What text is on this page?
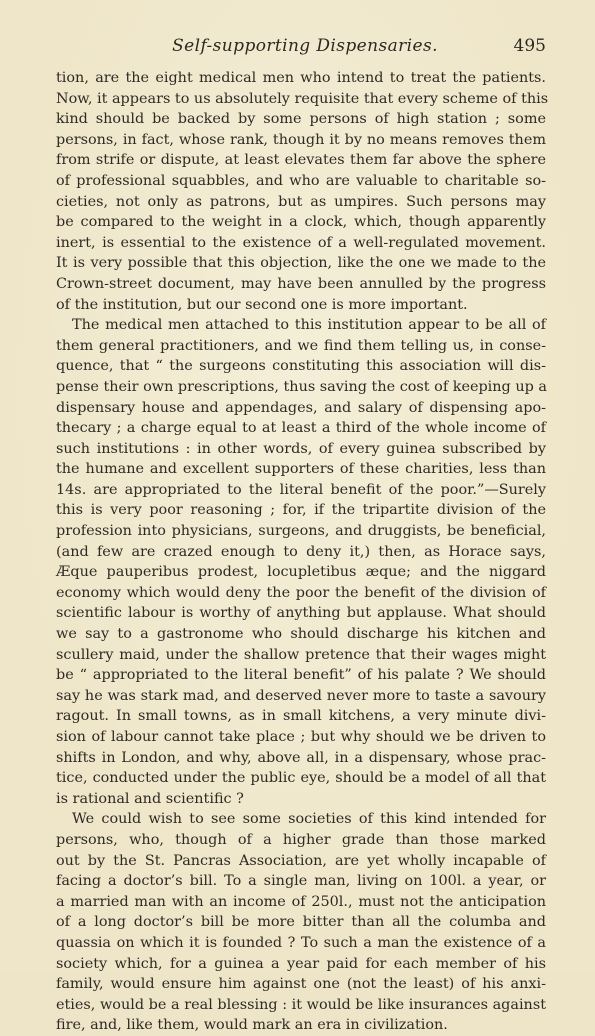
Self-supporting Dispensaries.	495
tion, are the eight medical men who intend to treat the patients.
Now, it appears to us absolutely requisite that every scheme of this
kind should be backed by some persons of high station ; some
persons, in fact, whose rank, though it by no means removes them
from strife or dispute, at least elevates them far above the sphere
of professional squabbles, and who are valuable to charitable so-
cieties, not only as patrons, but as umpires. Such persons may
be compared to the weight in a clock, which, though apparently
inert, is essential to the existence of a well-regulated movement.
It is very possible that this objection, like the one we made to the
Crown-street document, may have been annulled by the progress
of the institution, but our second one is more important.
The medical men attached to this institution appear to be all of
them general practitioners, and we find them telling us, in conse-
quence, that “ the surgeons constituting this association will dis-
pense their own prescriptions, thus saving the cost of keeping up a
dispensary house and appendages, and salary of dispensing apo-
thecary ; a charge equal to at least a third of the whole income of
such institutions : in other words, of every guinea subscribed by
the humane and excellent supporters of these charities, less than
14s. are appropriated to the literal benefit of the poor.”—Surely
this is very poor reasoning ; for, if the tripartite division of the
profession into physicians, surgeons, and druggists, be beneficial,
(and few are crazed enough to deny it,) then, as Horace says,
Æque pauperibus prodest, locupletibus æque; and the niggard
economy which would deny the poor the benefit of the division of
scientific labour is worthy of anything but applause. What should
we say to a gastronome who should discharge his kitchen and
scullery maid, under the shallow pretence that their wages might
be “ appropriated to the literal benefit” of his palate ? We should
say he was stark mad, and deserved never more to taste a savoury
ragout. In small towns, as in small kitchens, a very minute divi-
sion of labour cannot take place ; but why should we be driven to
shifts in London, and why, above all, in a dispensary, whose prac-
tice, conducted under the public eye, should be a model of all that
is rational and scientific ?
We could wish to see some societies of this kind intended for
persons, who, though of a higher grade than those marked
out by the St. Pancras Association, are yet wholly incapable of
facing a doctor’s bill. To a single man, living on 100l. a year, or
a married man with an income of 250l., must not the anticipation
of a long doctor’s bill be more bitter than all the columba and
quassia on which it is founded ? To such a man the existence of a
society which, for a guinea a year paid for each member of his
family, would ensure him against one (not the least) of his anxi-
eties, would be a real blessing : it would be like insurances against
fire, and, like them, would mark an era in civilization.
